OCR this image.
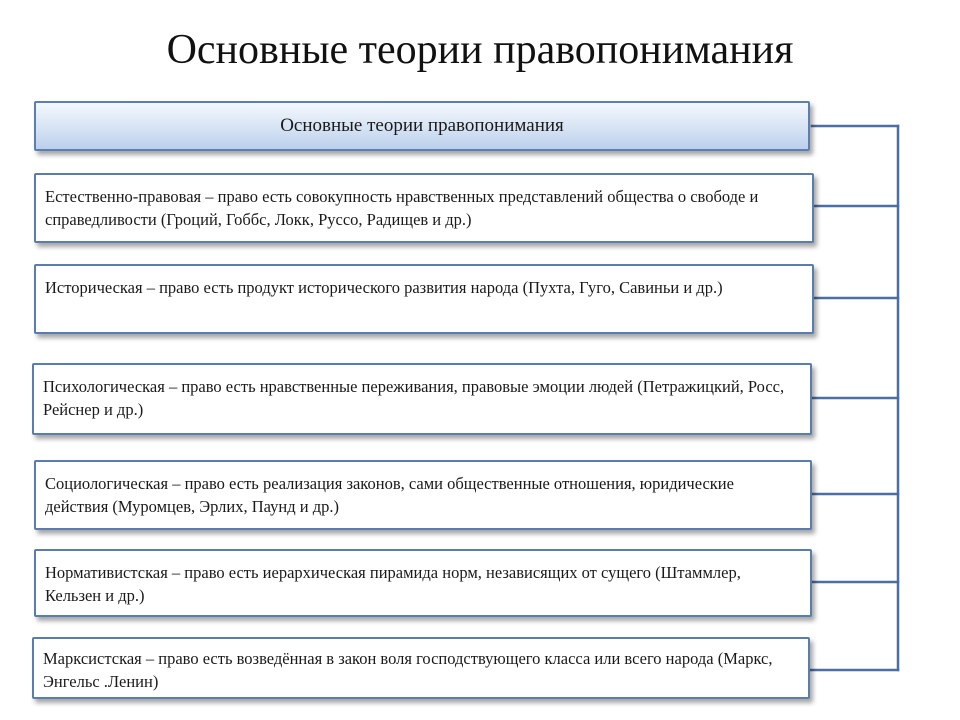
Основные теории правопонимания
Основные теории правопонимания
Естественно-правовая – право есть совокупность нравственных представлений общества о свободе и справедливости (Гроций, Гоббс, Локк, Руссо, Радищев и др.)
Историческая – право есть продукт исторического развития народа (Пухта, Гуго, Савиньи и др.)
Психологическая – право есть нравственные переживания, правовые эмоции людей (Петражицкий, Росс, Рейснер и др.)
Социологическая – право есть реализация законов, сами общественные отношения, юридические действия (Муромцев, Эрлих, Паунд и др.)
Нормативистская – право есть иерархическая пирамида норм, независящих от сущего (Штаммлер, Кельзен и др.)
Марксистская – право есть возведённая в закон воля господствующего класса или всего народа (Маркс, Энгельс .Ленин)
